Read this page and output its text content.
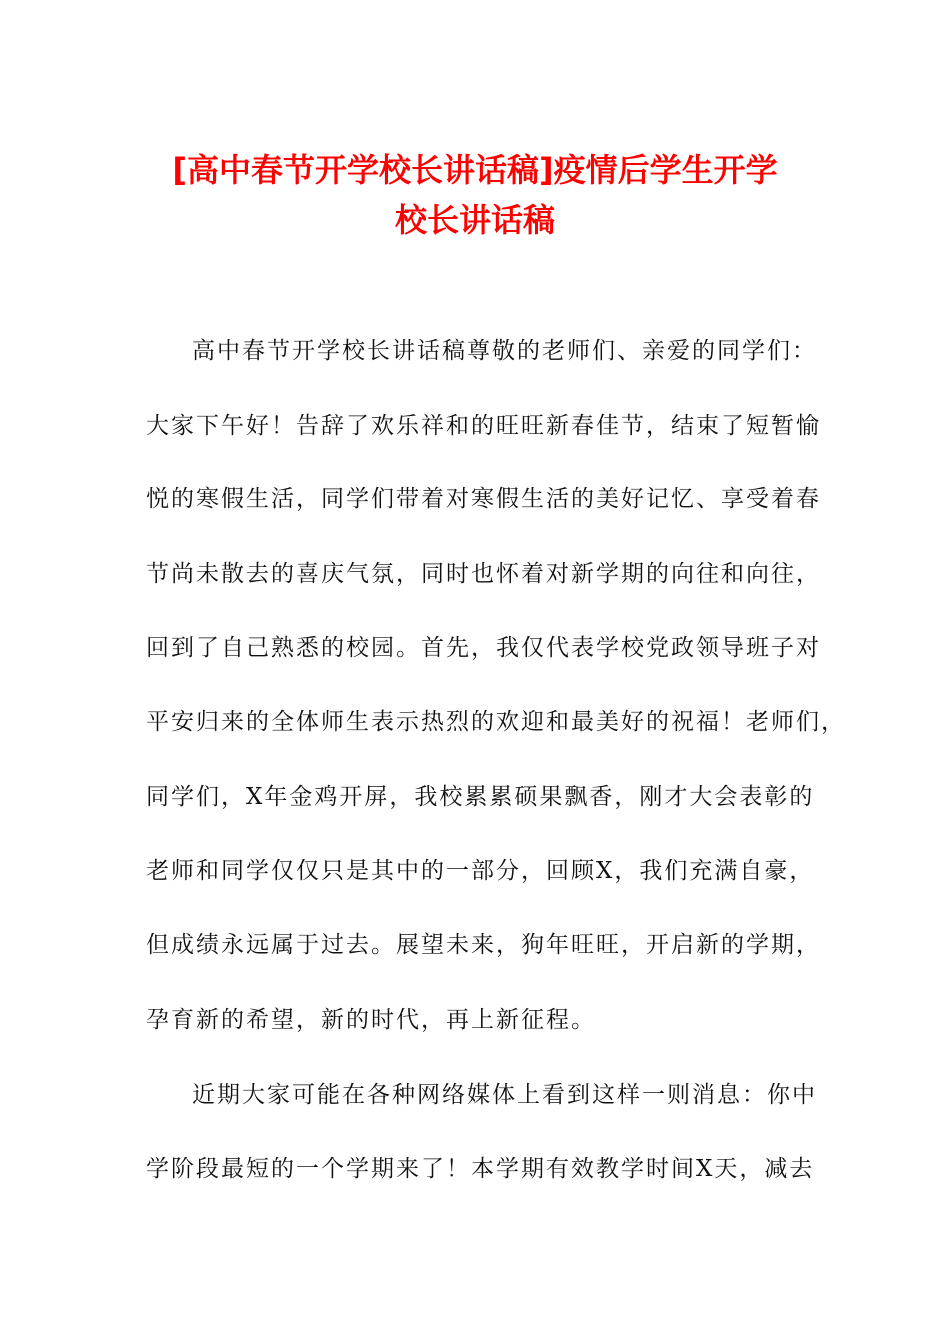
[高中春节开学校长讲话稿]疫情后学生开学
校长讲话稿
高中春节开学校长讲话稿尊敬的老师们、亲爱的同学们：
大家下午好！告辞了欢乐祥和的旺旺新春佳节，结束了短暂愉
悦的寒假生活，同学们带着对寒假生活的美好记忆、享受着春
节尚未散去的喜庆气氛，同时也怀着对新学期的向往和向往，
回到了自己熟悉的校园。首先，我仅代表学校党政领导班子对
平安归来的全体师生表示热烈的欢迎和最美好的祝福！老师们，
同学们，X年金鸡开屏，我校累累硕果飘香，刚才大会表彰的
老师和同学仅仅只是其中的一部分，回顾X，我们充满自豪，
但成绩永远属于过去。展望未来，狗年旺旺，开启新的学期，
孕育新的希望，新的时代，再上新征程。
近期大家可能在各种网络媒体上看到这样一则消息：你中
学阶段最短的一个学期来了！本学期有效教学时间X天，减去
